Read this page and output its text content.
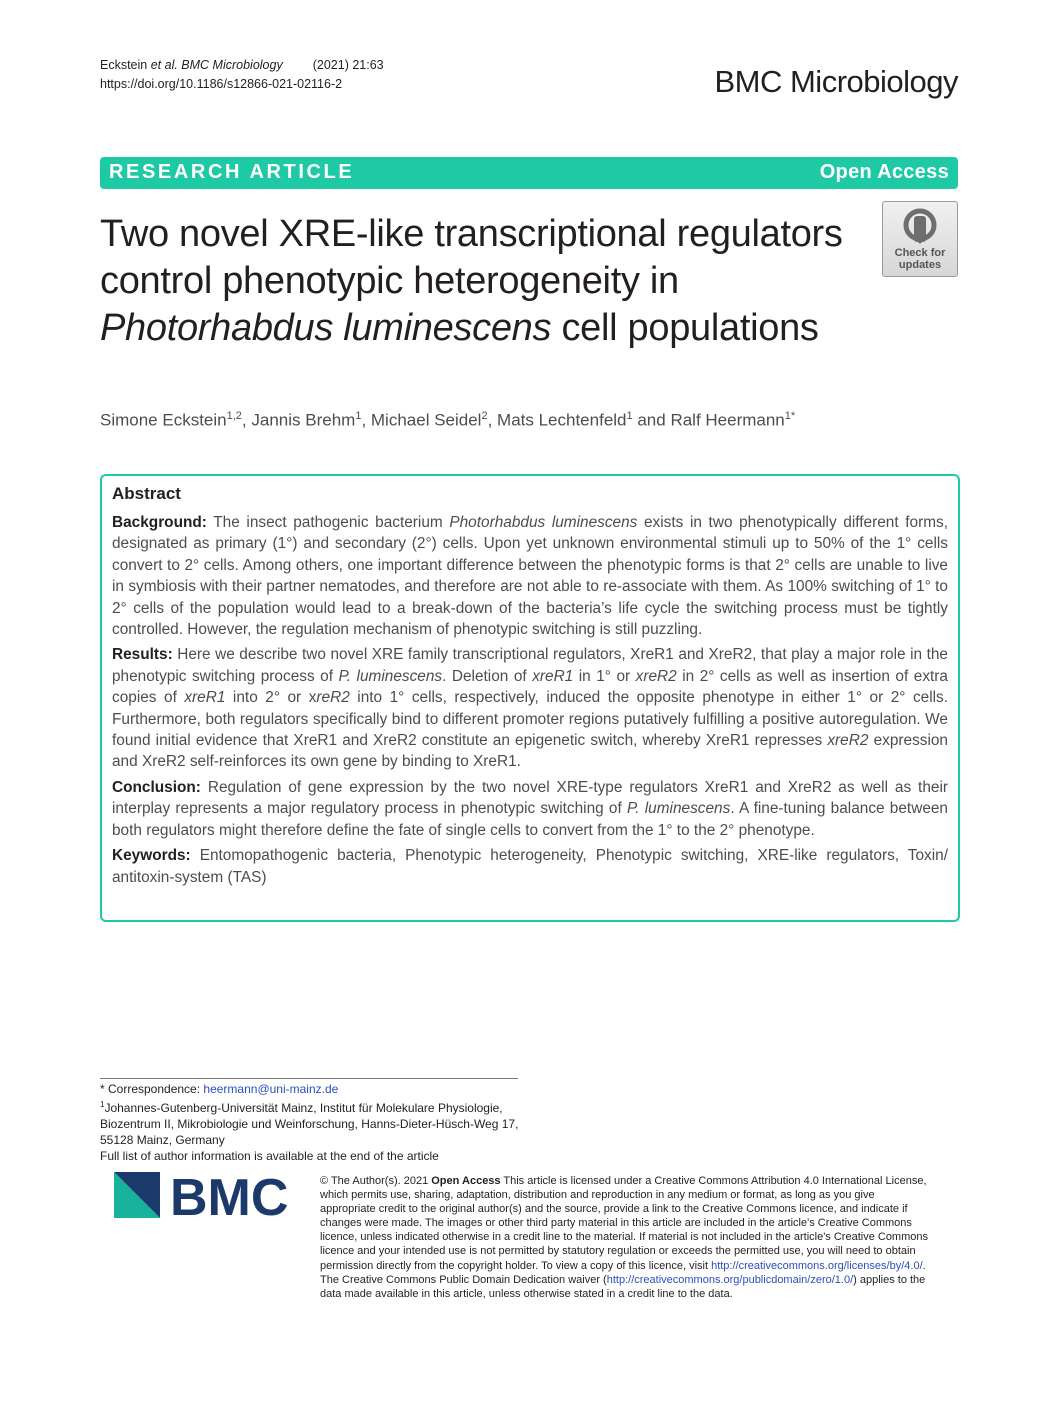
Eckstein et al. BMC Microbiology (2021) 21:63
https://doi.org/10.1186/s12866-021-02116-2	BMC Microbiology
RESEARCH ARTICLE	Open Access
Two novel XRE-like transcriptional regulators control phenotypic heterogeneity in Photorhabdus luminescens cell populations
Check for
updates
Simone Eckstein$^{1,2}$, Jannis Brehm$^1$, Michael Seidel$^2$, Mats Lechtenfeld$^1$ and Ralf Heermann$^{1*}$
Abstract

Background: The insect pathogenic bacterium Photorhabdus luminescens exists in two phenotypically different forms, designated as primary (1°) and secondary (2°) cells. Upon yet unknown environmental stimuli up to 50% of the 1° cells convert to 2° cells. Among others, one important difference between the phenotypic forms is that 2° cells are unable to live in symbiosis with their partner nematodes, and therefore are not able to re-associate with them. As 100% switching of 1° to 2° cells of the population would lead to a break-down of the bacteria’s life cycle the switching process must be tightly controlled. However, the regulation mechanism of phenotypic switching is still puzzling.

Results: Here we describe two novel XRE family transcriptional regulators, XreR1 and XreR2, that play a major role in the phenotypic switching process of P. luminescens. Deletion of xreR1 in 1° or xreR2 in 2° cells as well as insertion of extra copies of xreR1 into 2° or xreR2 into 1° cells, respectively, induced the opposite phenotype in either 1° or 2° cells. Furthermore, both regulators specifically bind to different promoter regions putatively fulfilling a positive autoregulation. We found initial evidence that XreR1 and XreR2 constitute an epigenetic switch, whereby XreR1 represses xreR2 expression and XreR2 self-reinforces its own gene by binding to XreR1.

Conclusion: Regulation of gene expression by the two novel XRE-type regulators XreR1 and XreR2 as well as their interplay represents a major regulatory process in phenotypic switching of P. luminescens. A fine-tuning balance between both regulators might therefore define the fate of single cells to convert from the 1° to the 2° phenotype.

Keywords: Entomopathogenic bacteria, Phenotypic heterogeneity, Phenotypic switching, XRE-like regulators, Toxin/ antitoxin-system (TAS)

* Correspondence: heermann@uni-mainz.de
$^1$Johannes-Gutenberg-Universität Mainz, Institut für Molekulare Physiologie, Biozentrum II, Mikrobiologie und Weinforschung, Hanns-Dieter-Hüsch-Weg 17, 55128 Mainz, Germany
Full list of author information is available at the end of the article
BMC	© The Author(s). 2021 Open Access This article is licensed under a Creative Commons Attribution 4.0 International License, which permits use, sharing, adaptation, distribution and reproduction in any medium or format, as long as you give appropriate credit to the original author(s) and the source, provide a link to the Creative Commons licence, and indicate if changes were made. The images or other third party material in this article are included in the article's Creative Commons licence, unless indicated otherwise in a credit line to the material. If material is not included in the article's Creative Commons licence and your intended use is not permitted by statutory regulation or exceeds the permitted use, you will need to obtain permission directly from the copyright holder. To view a copy of this licence, visit http://creativecommons.org/licenses/by/4.0/. The Creative Commons Public Domain Dedication waiver (http://creativecommons.org/publicdomain/zero/1.0/) applies to the data made available in this article, unless otherwise stated in a credit line to the data.
